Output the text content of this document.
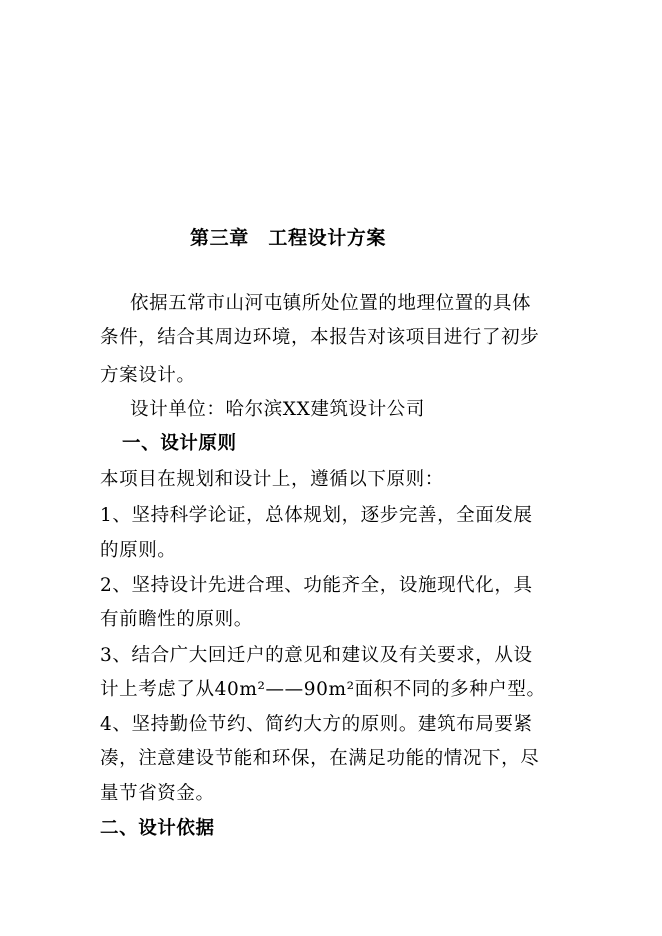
第三章　工程设计方案
依据五常市山河屯镇所处位置的地理位置的具体
条件，结合其周边环境，本报告对该项目进行了初步
方案设计。
设计单位：哈尔滨XX建筑设计公司
一、设计原则
本项目在规划和设计上，遵循以下原则：
1、坚持科学论证，总体规划，逐步完善，全面发展
的原则。
2、坚持设计先进合理、功能齐全，设施现代化，具
有前瞻性的原则。
3、结合广大回迁户的意见和建议及有关要求，从设
计上考虑了从40m²——90m²面积不同的多种户型。
4、坚持勤俭节约、简约大方的原则。建筑布局要紧
凑，注意建设节能和环保，在满足功能的情况下，尽
量节省资金。
二、设计依据
